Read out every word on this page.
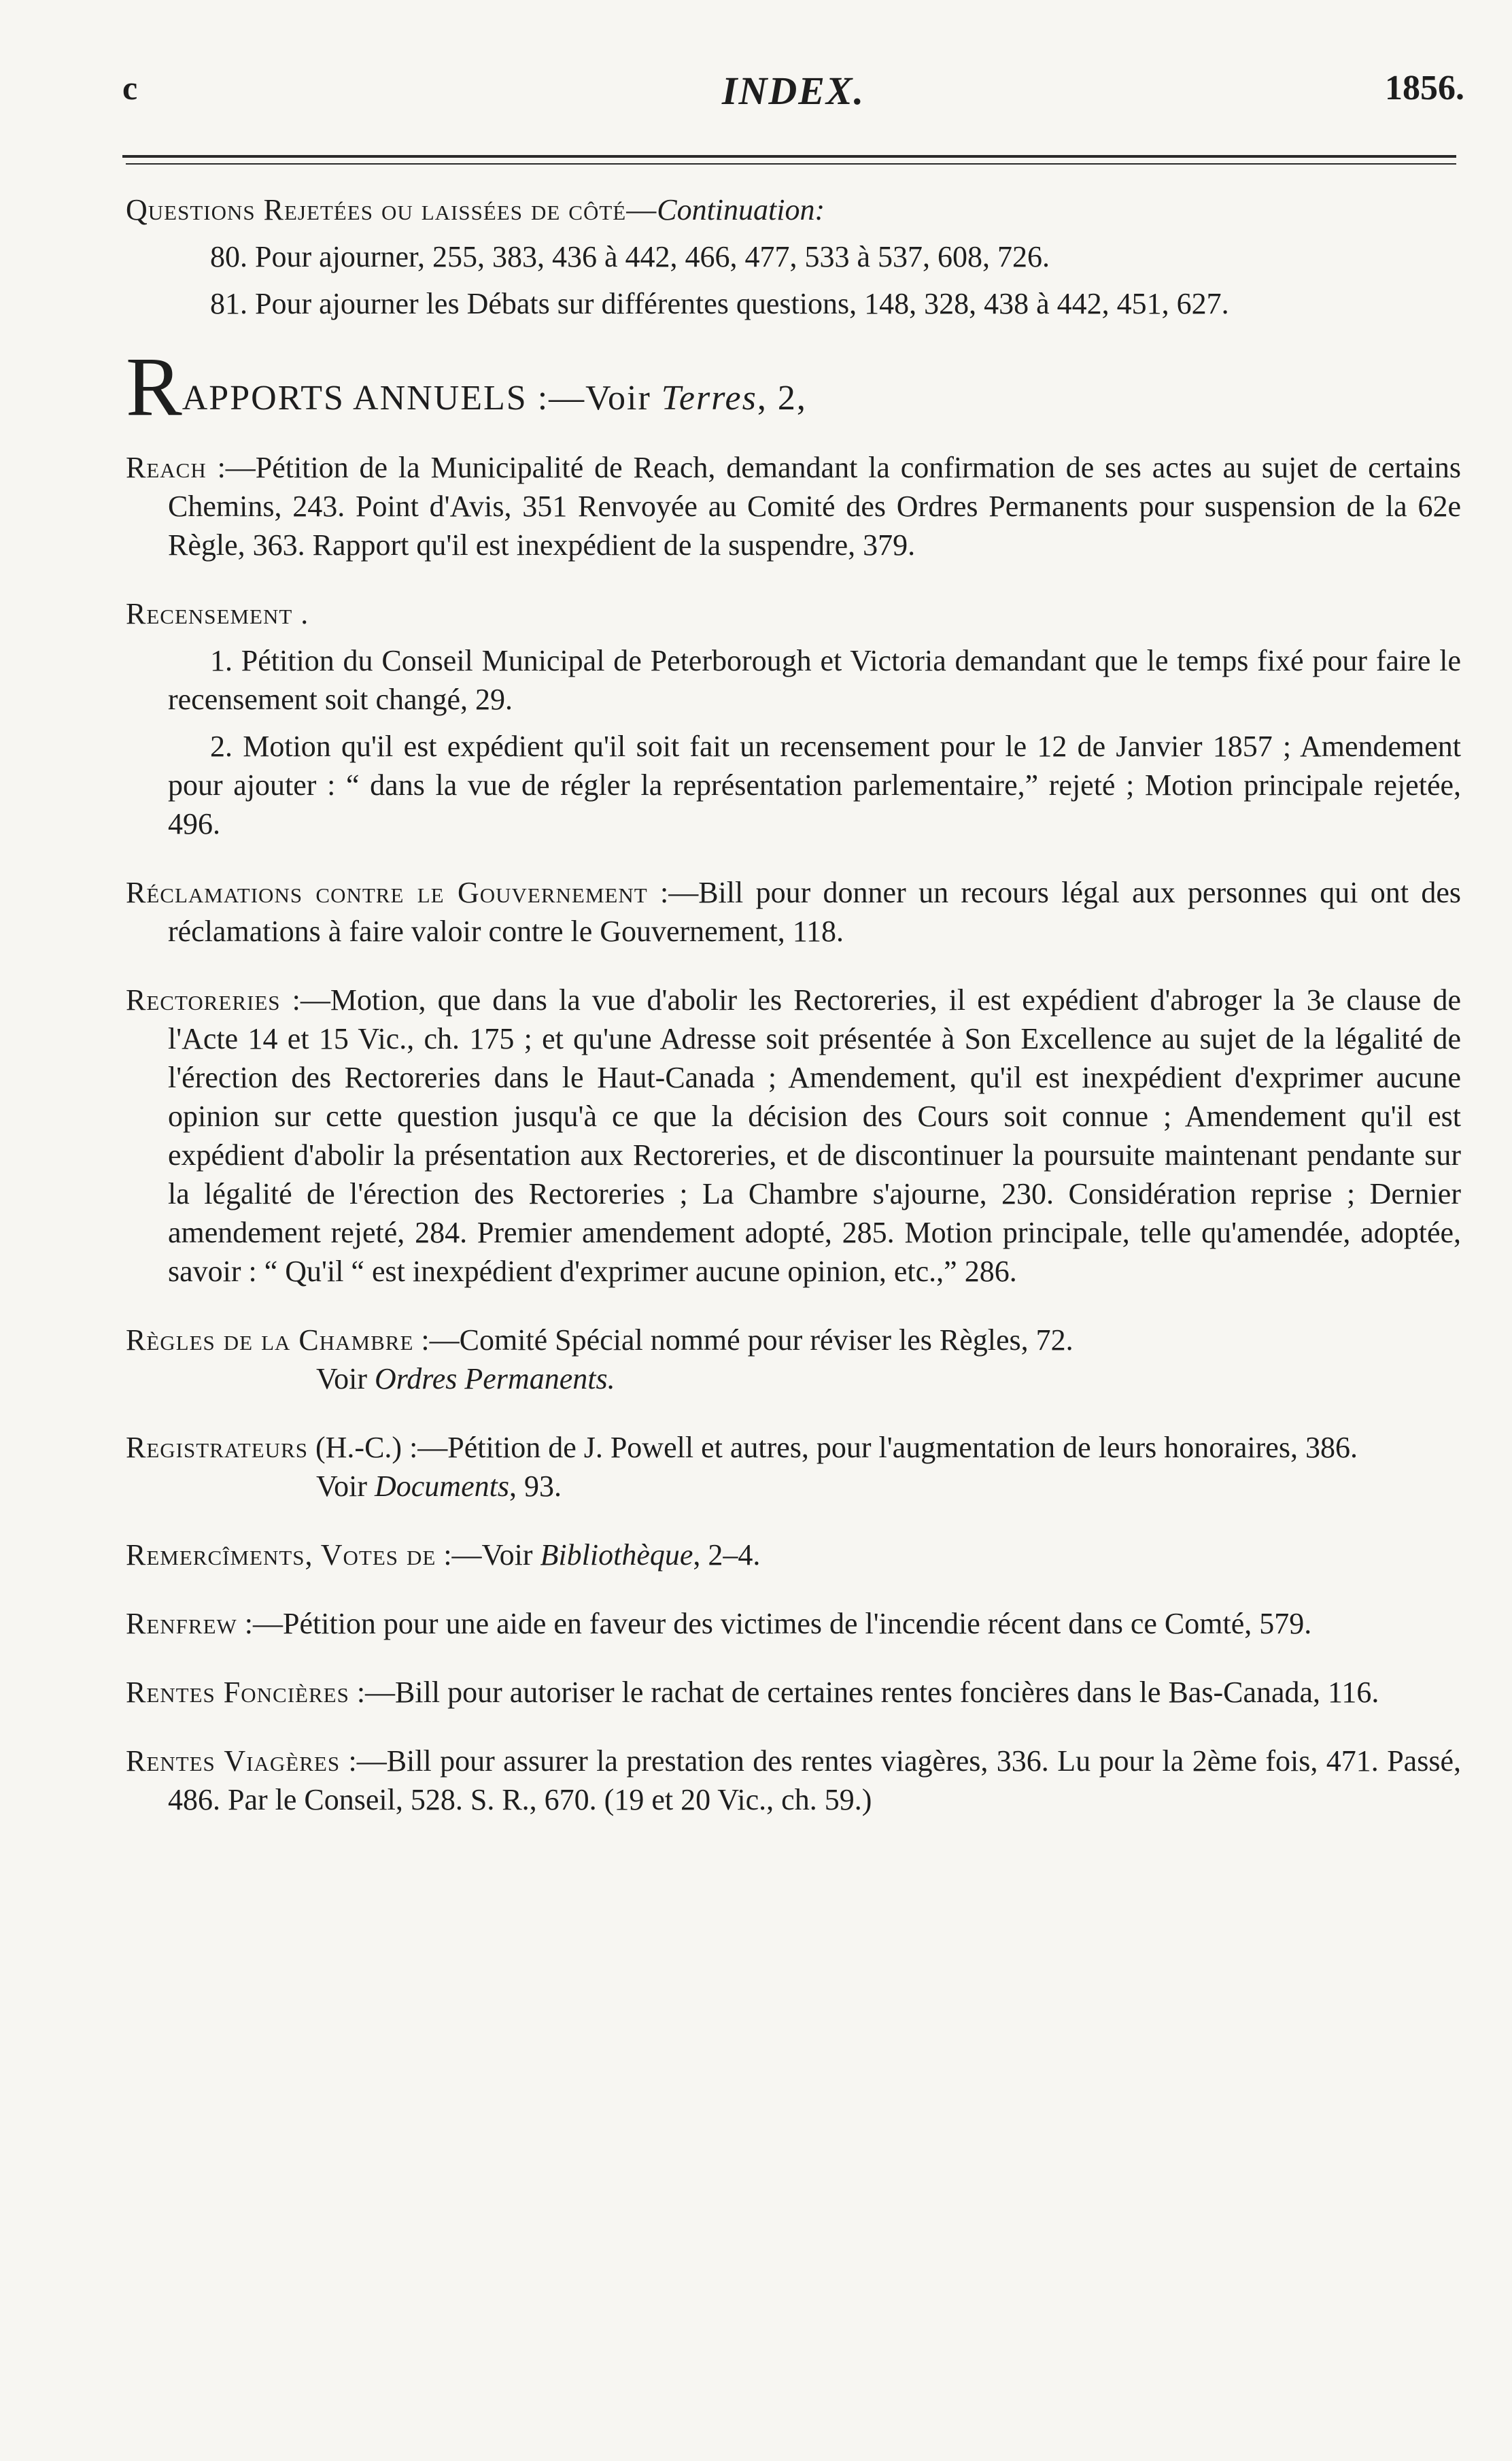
c	INDEX.	1856.

Questions Rejetées ou laissées de côté—Continuation:

80. Pour ajourner, 255, 383, 436 à 442, 466, 477, 533 à 537, 608, 726.

81. Pour ajourner les Débats sur différentes questions, 148, 328, 438 à 442, 451, 627.

RAPPORTS ANNUELS :—Voir Terres, 2,

Reach :—Pétition de la Municipalité de Reach, demandant la confirmation de ses actes au sujet de certains Chemins, 243. Point d'Avis, 351 Renvoyée au Comité des Ordres Permanents pour suspension de la 62e Règle, 363. Rapport qu'il est inexpédient de la suspendre, 379.

Recensement .

1. Pétition du Conseil Municipal de Peterborough et Victoria demandant que le temps fixé pour faire le recensement soit changé, 29.

2. Motion qu'il est expédient qu'il soit fait un recensement pour le 12 de Janvier 1857 ; Amendement pour ajouter : “ dans la vue de régler la représentation parlementaire,” rejeté ; Motion principale rejetée, 496.

Réclamations contre le Gouvernement :—Bill pour donner un recours légal aux personnes qui ont des réclamations à faire valoir contre le Gouvernement, 118.

Rectoreries :—Motion, que dans la vue d'abolir les Rectoreries, il est expédient d'abroger la 3e clause de l'Acte 14 et 15 Vic., ch. 175 ; et qu'une Adresse soit présentée à Son Excellence au sujet de la légalité de l'érection des Rectoreries dans le Haut-Canada ; Amendement, qu'il est inexpédient d'exprimer aucune opinion sur cette question jusqu'à ce que la décision des Cours soit connue ; Amendement qu'il est expédient d'abolir la présentation aux Rectoreries, et de discontinuer la poursuite maintenant pendante sur la légalité de l'érection des Rectoreries ; La Chambre s'ajourne, 230. Considération reprise ; Dernier amendement rejeté, 284. Premier amendement adopté, 285. Motion principale, telle qu'amendée, adoptée, savoir : “ Qu'il “ est inexpédient d'exprimer aucune opinion, etc.,” 286.

Règles de la Chambre :—Comité Spécial nommé pour réviser les Règles, 72.

Voir Ordres Permanents.

Registrateurs (H.-C.) :—Pétition de J. Powell et autres, pour l'augmentation de leurs honoraires, 386.

Voir Documents, 93.

Remercîments, Votes de :—Voir Bibliothèque, 2–4.

Renfrew :—Pétition pour une aide en faveur des victimes de l'incendie récent dans ce Comté, 579.

Rentes Foncières :—Bill pour autoriser le rachat de certaines rentes foncières dans le Bas-Canada, 116.

Rentes Viagères :—Bill pour assurer la prestation des rentes viagères, 336. Lu pour la 2ème fois, 471. Passé, 486. Par le Conseil, 528. S. R., 670. (19 et 20 Vic., ch. 59.)
